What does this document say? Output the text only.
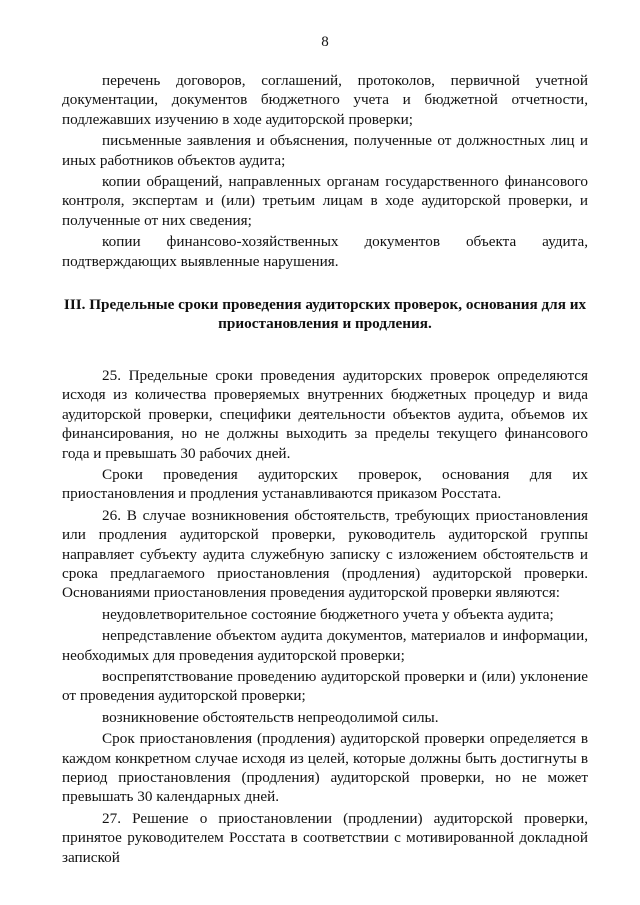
8

перечень договоров, соглашений, протоколов, первичной учетной документации, документов бюджетного учета и бюджетной отчетности, подлежавших изучению в ходе аудиторской проверки;

письменные заявления и объяснения, полученные от должностных лиц и иных работников объектов аудита;

копии обращений, направленных органам государственного финансового контроля, экспертам и (или) третьим лицам в ходе аудиторской проверки, и полученные от них сведения;

копии финансово-хозяйственных документов объекта аудита, подтверждающих выявленные нарушения.

III. Предельные сроки проведения аудиторских проверок, основания для их приостановления и продления.

25. Предельные сроки проведения аудиторских проверок определяются исходя из количества проверяемых внутренних бюджетных процедур и вида аудиторской проверки, специфики деятельности объектов аудита, объемов их финансирования, но не должны выходить за пределы текущего финансового года и превышать 30 рабочих дней.

Сроки проведения аудиторских проверок, основания для их приостановления и продления устанавливаются приказом Росстата.

26. В случае возникновения обстоятельств, требующих приостановления или продления аудиторской проверки, руководитель аудиторской группы направляет субъекту аудита служебную записку с изложением обстоятельств и срока предлагаемого приостановления (продления) аудиторской проверки. Основаниями приостановления проведения аудиторской проверки являются:

неудовлетворительное состояние бюджетного учета у объекта аудита;

непредставление объектом аудита документов, материалов и информации, необходимых для проведения аудиторской проверки;

воспрепятствование проведению аудиторской проверки и (или) уклонение от проведения аудиторской проверки;

возникновение обстоятельств непреодолимой силы.

Срок приостановления (продления) аудиторской проверки определяется в каждом конкретном случае исходя из целей, которые должны быть достигнуты в период приостановления (продления) аудиторской проверки, но не может превышать 30 календарных дней.

27. Решение о приостановлении (продлении) аудиторской проверки, принятое руководителем Росстата в соответствии с мотивированной докладной запиской
